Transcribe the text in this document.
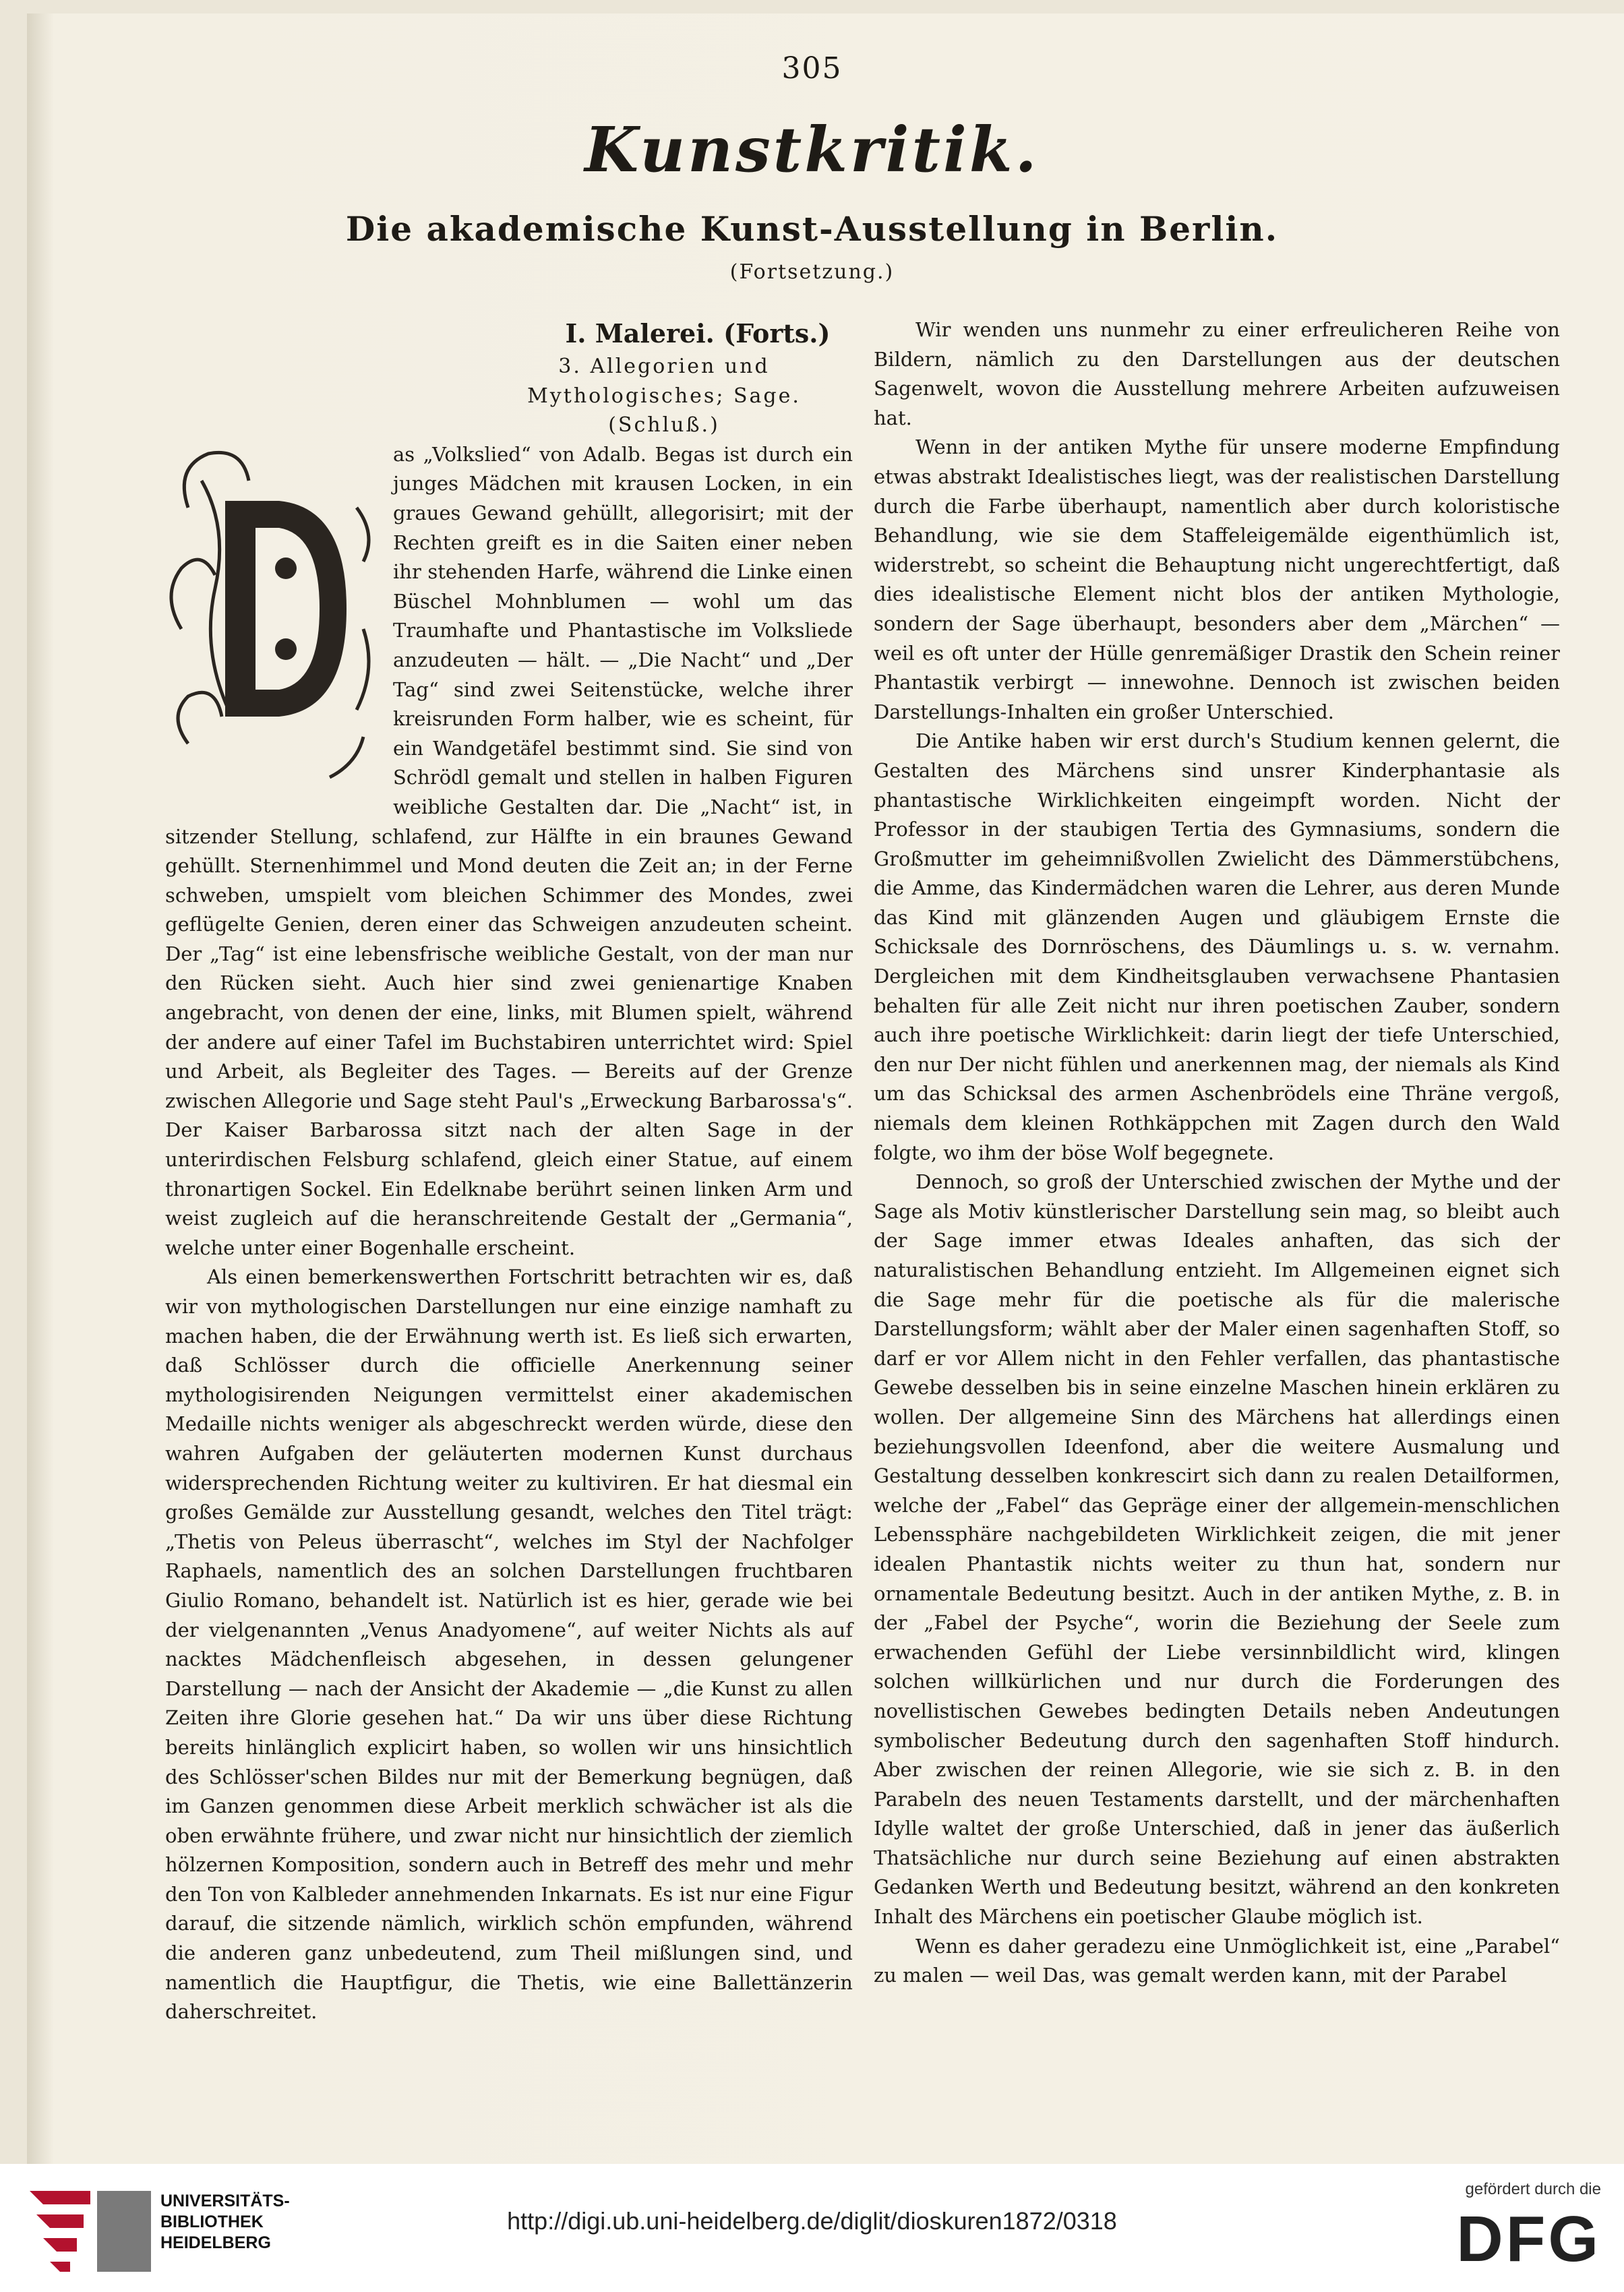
305
Kunstkritik.
Die akademische Kunst-Ausstellung in Berlin.
(Fortsetzung.)
I. Malerei. (Forts.)
3. Allegorien und Mythologisches; Sage. (Schluß.)
D

as „Volkslied“ von Adalb. Begas ist durch ein junges Mädchen mit krausen Locken, in ein graues Gewand gehüllt, allegorisirt; mit der Rechten greift es in die Saiten einer neben ihr stehenden Harfe, während die Linke einen Büschel Mohnblumen — wohl um das Traumhafte und Phantastische im Volksliede anzudeuten — hält. — „Die Nacht“ und „Der Tag“ sind zwei Seitenstücke, welche ihrer kreisrunden Form halber, wie es scheint, für ein Wandgetäfel bestimmt sind. Sie sind von Schrödl gemalt und stellen in halben Figuren weibliche Gestalten dar. Die „Nacht“ ist, in sitzender Stellung, schlafend, zur Hälfte in ein braunes Gewand gehüllt. Sternenhimmel und Mond deuten die Zeit an; in der Ferne schweben, umspielt vom bleichen Schimmer des Mondes, zwei geflügelte Genien, deren einer das Schweigen anzudeuten scheint. Der „Tag“ ist eine lebensfrische weibliche Gestalt, von der man nur den Rücken sieht. Auch hier sind zwei genienartige Knaben angebracht, von denen der eine, links, mit Blumen spielt, während der andere auf einer Tafel im Buchstabiren unterrichtet wird: Spiel und Arbeit, als Begleiter des Tages. — Bereits auf der Grenze zwischen Allegorie und Sage steht Paul's „Erweckung Barbarossa's“. Der Kaiser Barbarossa sitzt nach der alten Sage in der unterirdischen Felsburg schlafend, gleich einer Statue, auf einem thronartigen Sockel. Ein Edelknabe berührt seinen linken Arm und weist zugleich auf die heranschreitende Gestalt der „Germania“, welche unter einer Bogenhalle erscheint.

Als einen bemerkenswerthen Fortschritt betrachten wir es, daß wir von mythologischen Darstellungen nur eine einzige namhaft zu machen haben, die der Erwähnung werth ist. Es ließ sich erwarten, daß Schlösser durch die officielle Anerkennung seiner mythologisirenden Neigungen vermittelst einer akademischen Medaille nichts weniger als abgeschreckt werden würde, diese den wahren Aufgaben der geläuterten modernen Kunst durchaus widersprechenden Richtung weiter zu kultiviren. Er hat diesmal ein großes Gemälde zur Ausstellung gesandt, welches den Titel trägt: „Thetis von Peleus überrascht“, welches im Styl der Nachfolger Raphaels, namentlich des an solchen Darstellungen fruchtbaren Giulio Romano, behandelt ist. Natürlich ist es hier, gerade wie bei der vielgenannten „Venus Anadyomene“, auf weiter Nichts als auf nacktes Mädchenfleisch abgesehen, in dessen gelungener Darstellung — nach der Ansicht der Akademie — „die Kunst zu allen Zeiten ihre Glorie gesehen hat.“ Da wir uns über diese Richtung bereits hinlänglich explicirt haben, so wollen wir uns hinsichtlich des Schlösser'schen Bildes nur mit der Bemerkung begnügen, daß im Ganzen genommen diese Arbeit merklich schwächer ist als die oben erwähnte frühere, und zwar nicht nur hinsichtlich der ziemlich hölzernen Komposition, sondern auch in Betreff des mehr und mehr den Ton von Kalbleder annehmenden Inkarnats. Es ist nur eine Figur darauf, die sitzende nämlich, wirklich schön empfunden, während die anderen ganz unbedeutend, zum Theil mißlungen sind, und namentlich die Hauptfigur, die Thetis, wie eine Ballettänzerin daherschreitet.

Wir wenden uns nunmehr zu einer erfreulicheren Reihe von Bildern, nämlich zu den Darstellungen aus der deutschen Sagenwelt, wovon die Ausstellung mehrere Arbeiten aufzuweisen hat.

Wenn in der antiken Mythe für unsere moderne Empfindung etwas abstrakt Idealistisches liegt, was der realistischen Darstellung durch die Farbe überhaupt, namentlich aber durch koloristische Behandlung, wie sie dem Staffeleigemälde eigenthümlich ist, widerstrebt, so scheint die Behauptung nicht ungerechtfertigt, daß dies idealistische Element nicht blos der antiken Mythologie, sondern der Sage überhaupt, besonders aber dem „Märchen“ — weil es oft unter der Hülle genremäßiger Drastik den Schein reiner Phantastik verbirgt — innewohne. Dennoch ist zwischen beiden Darstellungs-Inhalten ein großer Unterschied.

Die Antike haben wir erst durch's Studium kennen gelernt, die Gestalten des Märchens sind unsrer Kinderphantasie als phantastische Wirklichkeiten eingeimpft worden. Nicht der Professor in der staubigen Tertia des Gymnasiums, sondern die Großmutter im geheimnißvollen Zwielicht des Dämmerstübchens, die Amme, das Kindermädchen waren die Lehrer, aus deren Munde das Kind mit glänzenden Augen und gläubigem Ernste die Schicksale des Dornröschens, des Däumlings u. s. w. vernahm. Dergleichen mit dem Kindheitsglauben verwachsene Phantasien behalten für alle Zeit nicht nur ihren poetischen Zauber, sondern auch ihre poetische Wirklichkeit: darin liegt der tiefe Unterschied, den nur Der nicht fühlen und anerkennen mag, der niemals als Kind um das Schicksal des armen Aschenbrödels eine Thräne vergoß, niemals dem kleinen Rothkäppchen mit Zagen durch den Wald folgte, wo ihm der böse Wolf begegnete.

Dennoch, so groß der Unterschied zwischen der Mythe und der Sage als Motiv künstlerischer Darstellung sein mag, so bleibt auch der Sage immer etwas Ideales anhaften, das sich der naturalistischen Behandlung entzieht. Im Allgemeinen eignet sich die Sage mehr für die poetische als für die malerische Darstellungsform; wählt aber der Maler einen sagenhaften Stoff, so darf er vor Allem nicht in den Fehler verfallen, das phantastische Gewebe desselben bis in seine einzelne Maschen hinein erklären zu wollen. Der allgemeine Sinn des Märchens hat allerdings einen beziehungsvollen Ideenfond, aber die weitere Ausmalung und Gestaltung desselben konkrescirt sich dann zu realen Detailformen, welche der „Fabel“ das Gepräge einer der allgemein-menschlichen Lebenssphäre nachgebildeten Wirklichkeit zeigen, die mit jener idealen Phantastik nichts weiter zu thun hat, sondern nur ornamentale Bedeutung besitzt. Auch in der antiken Mythe, z. B. in der „Fabel der Psyche“, worin die Beziehung der Seele zum erwachenden Gefühl der Liebe versinnbildlicht wird, klingen solchen willkürlichen und nur durch die Forderungen des novellistischen Gewebes bedingten Details neben Andeutungen symbolischer Bedeutung durch den sagenhaften Stoff hindurch. Aber zwischen der reinen Allegorie, wie sie sich z. B. in den Parabeln des neuen Testaments darstellt, und der märchenhaften Idylle waltet der große Unterschied, daß in jener das äußerlich Thatsächliche nur durch seine Beziehung auf einen abstrakten Gedanken Werth und Bedeutung besitzt, während an den konkreten Inhalt des Märchens ein poetischer Glaube möglich ist.

Wenn es daher geradezu eine Unmöglichkeit ist, eine „Parabel“ zu malen — weil Das, was gemalt werden kann, mit der Parabel

UNIVERSITÄTS-
BIBLIOTHEK
HEIDELBERG
http://digi.ub.uni-heidelberg.de/diglit/dioskuren1872/0318
gefördert durch die
DFG
